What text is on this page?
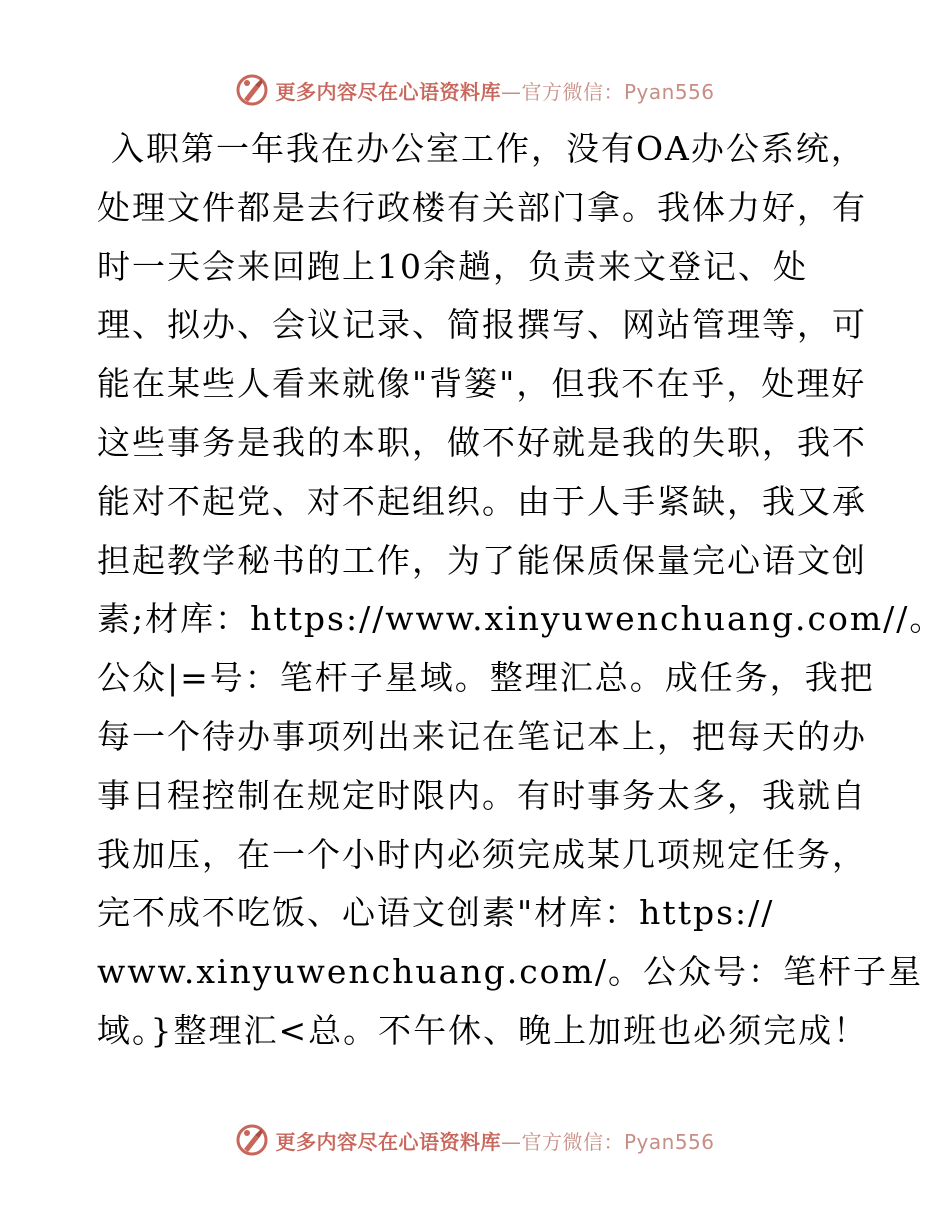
更多内容尽在心语资料库—官方微信：Pyan556
入职第一年我在办公室工作，没有OA办公系统，
处理文件都是去行政楼有关部门拿。我体力好，有
时一天会来回跑上10余趟，负责来文登记、处
理、拟办、会议记录、简报撰写、网站管理等，可
能在某些人看来就像"背篓"，但我不在乎，处理好
这些事务是我的本职，做不好就是我的失职，我不
能对不起党、对不起组织。由于人手紧缺，我又承
担起教学秘书的工作，为了能保质保量完心语文创
素;材库：https://www.xinyuwenchuang.com//。
公众|=号：笔杆子星域。整理汇总。成任务，我把
每一个待办事项列出来记在笔记本上，把每天的办
事日程控制在规定时限内。有时事务太多，我就自
我加压，在一个小时内必须完成某几项规定任务，
完不成不吃饭、心语文创素"材库：https://
www.xinyuwenchuang.com/。公众号：笔杆子星
域。}整理汇<总。不午休、晚上加班也必须完成！
更多内容尽在心语资料库—官方微信：Pyan556
